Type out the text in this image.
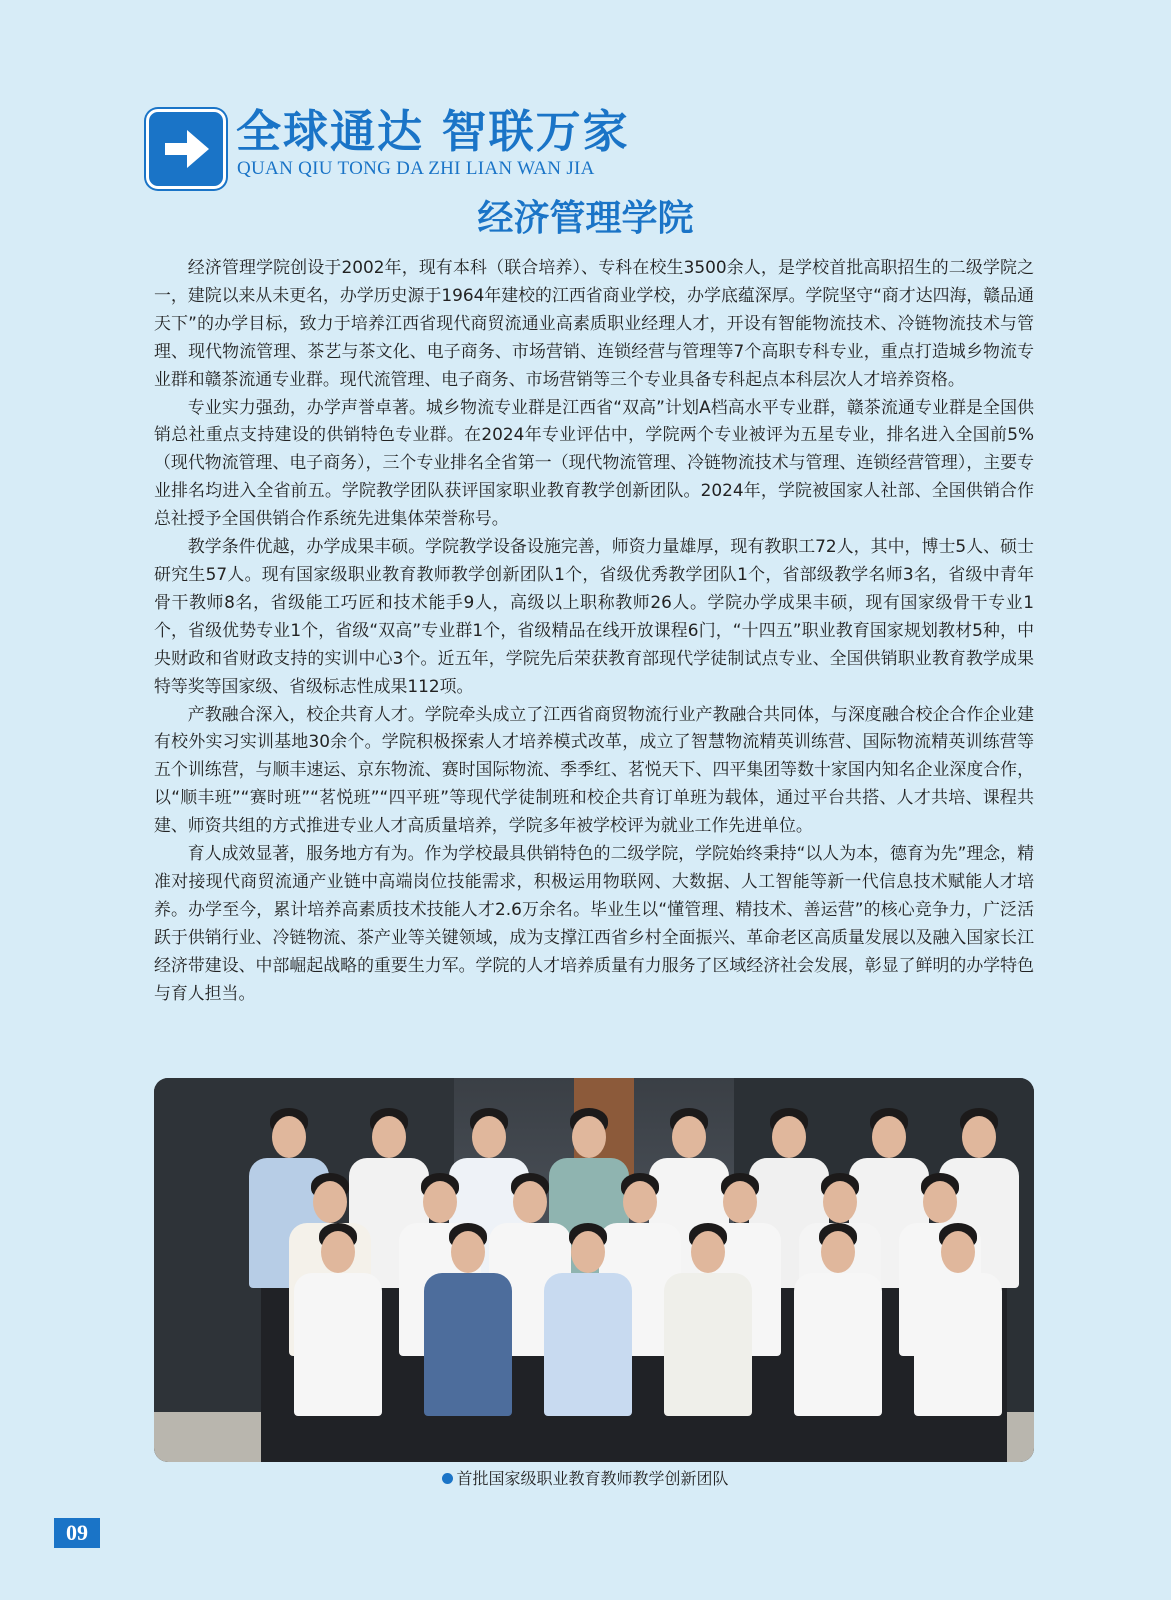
全球通达 智联万家
QUAN QIU TONG DA ZHI LIAN WAN JIA
经济管理学院

经济管理学院创设于2002年，现有本科（联合培养）、专科在校生3500余人，是学校首批高职招生的二级学院之一，建院以来从未更名，办学历史源于1964年建校的江西省商业学校，办学底蕴深厚。学院坚守“商才达四海，赣品通天下”的办学目标，致力于培养江西省现代商贸流通业高素质职业经理人才，开设有智能物流技术、冷链物流技术与管理、现代物流管理、茶艺与茶文化、电子商务、市场营销、连锁经营与管理等7个高职专科专业，重点打造城乡物流专业群和赣茶流通专业群。现代流管理、电子商务、市场营销等三个专业具备专科起点本科层次人才培养资格。

专业实力强劲，办学声誉卓著。城乡物流专业群是江西省“双高”计划A档高水平专业群，赣茶流通专业群是全国供销总社重点支持建设的供销特色专业群。在2024年专业评估中，学院两个专业被评为五星专业，排名进入全国前5%（现代物流管理、电子商务），三个专业排名全省第一（现代物流管理、冷链物流技术与管理、连锁经营管理），主要专业排名均进入全省前五。学院教学团队获评国家职业教育教学创新团队。2024年，学院被国家人社部、全国供销合作总社授予全国供销合作系统先进集体荣誉称号。

教学条件优越，办学成果丰硕。学院教学设备设施完善，师资力量雄厚，现有教职工72人，其中，博士5人、硕士研究生57人。现有国家级职业教育教师教学创新团队1个，省级优秀教学团队1个，省部级教学名师3名，省级中青年骨干教师8名，省级能工巧匠和技术能手9人，高级以上职称教师26人。学院办学成果丰硕，现有国家级骨干专业1个，省级优势专业1个，省级“双高”专业群1个，省级精品在线开放课程6门，“十四五”职业教育国家规划教材5种，中央财政和省财政支持的实训中心3个。近五年，学院先后荣获教育部现代学徒制试点专业、全国供销职业教育教学成果特等奖等国家级、省级标志性成果112项。

产教融合深入，校企共育人才。学院牵头成立了江西省商贸物流行业产教融合共同体，与深度融合校企合作企业建有校外实习实训基地30余个。学院积极探索人才培养模式改革，成立了智慧物流精英训练营、国际物流精英训练营等五个训练营，与顺丰速运、京东物流、赛时国际物流、季季红、茗悦天下、四平集团等数十家国内知名企业深度合作，以“顺丰班”“赛时班”“茗悦班”“四平班”等现代学徒制班和校企共育订单班为载体，通过平台共搭、人才共培、课程共建、师资共组的方式推进专业人才高质量培养，学院多年被学校评为就业工作先进单位。

育人成效显著，服务地方有为。作为学校最具供销特色的二级学院，学院始终秉持“以人为本，德育为先”理念，精准对接现代商贸流通产业链中高端岗位技能需求，积极运用物联网、大数据、人工智能等新一代信息技术赋能人才培养。办学至今，累计培养高素质技术技能人才2.6万余名。毕业生以“懂管理、精技术、善运营”的核心竞争力，广泛活跃于供销行业、冷链物流、茶产业等关键领域，成为支撑江西省乡村全面振兴、革命老区高质量发展以及融入国家长江经济带建设、中部崛起战略的重要生力军。学院的人才培养质量有力服务了区域经济社会发展，彰显了鲜明的办学特色与育人担当。

首批国家级职业教育教师教学创新团队
09
